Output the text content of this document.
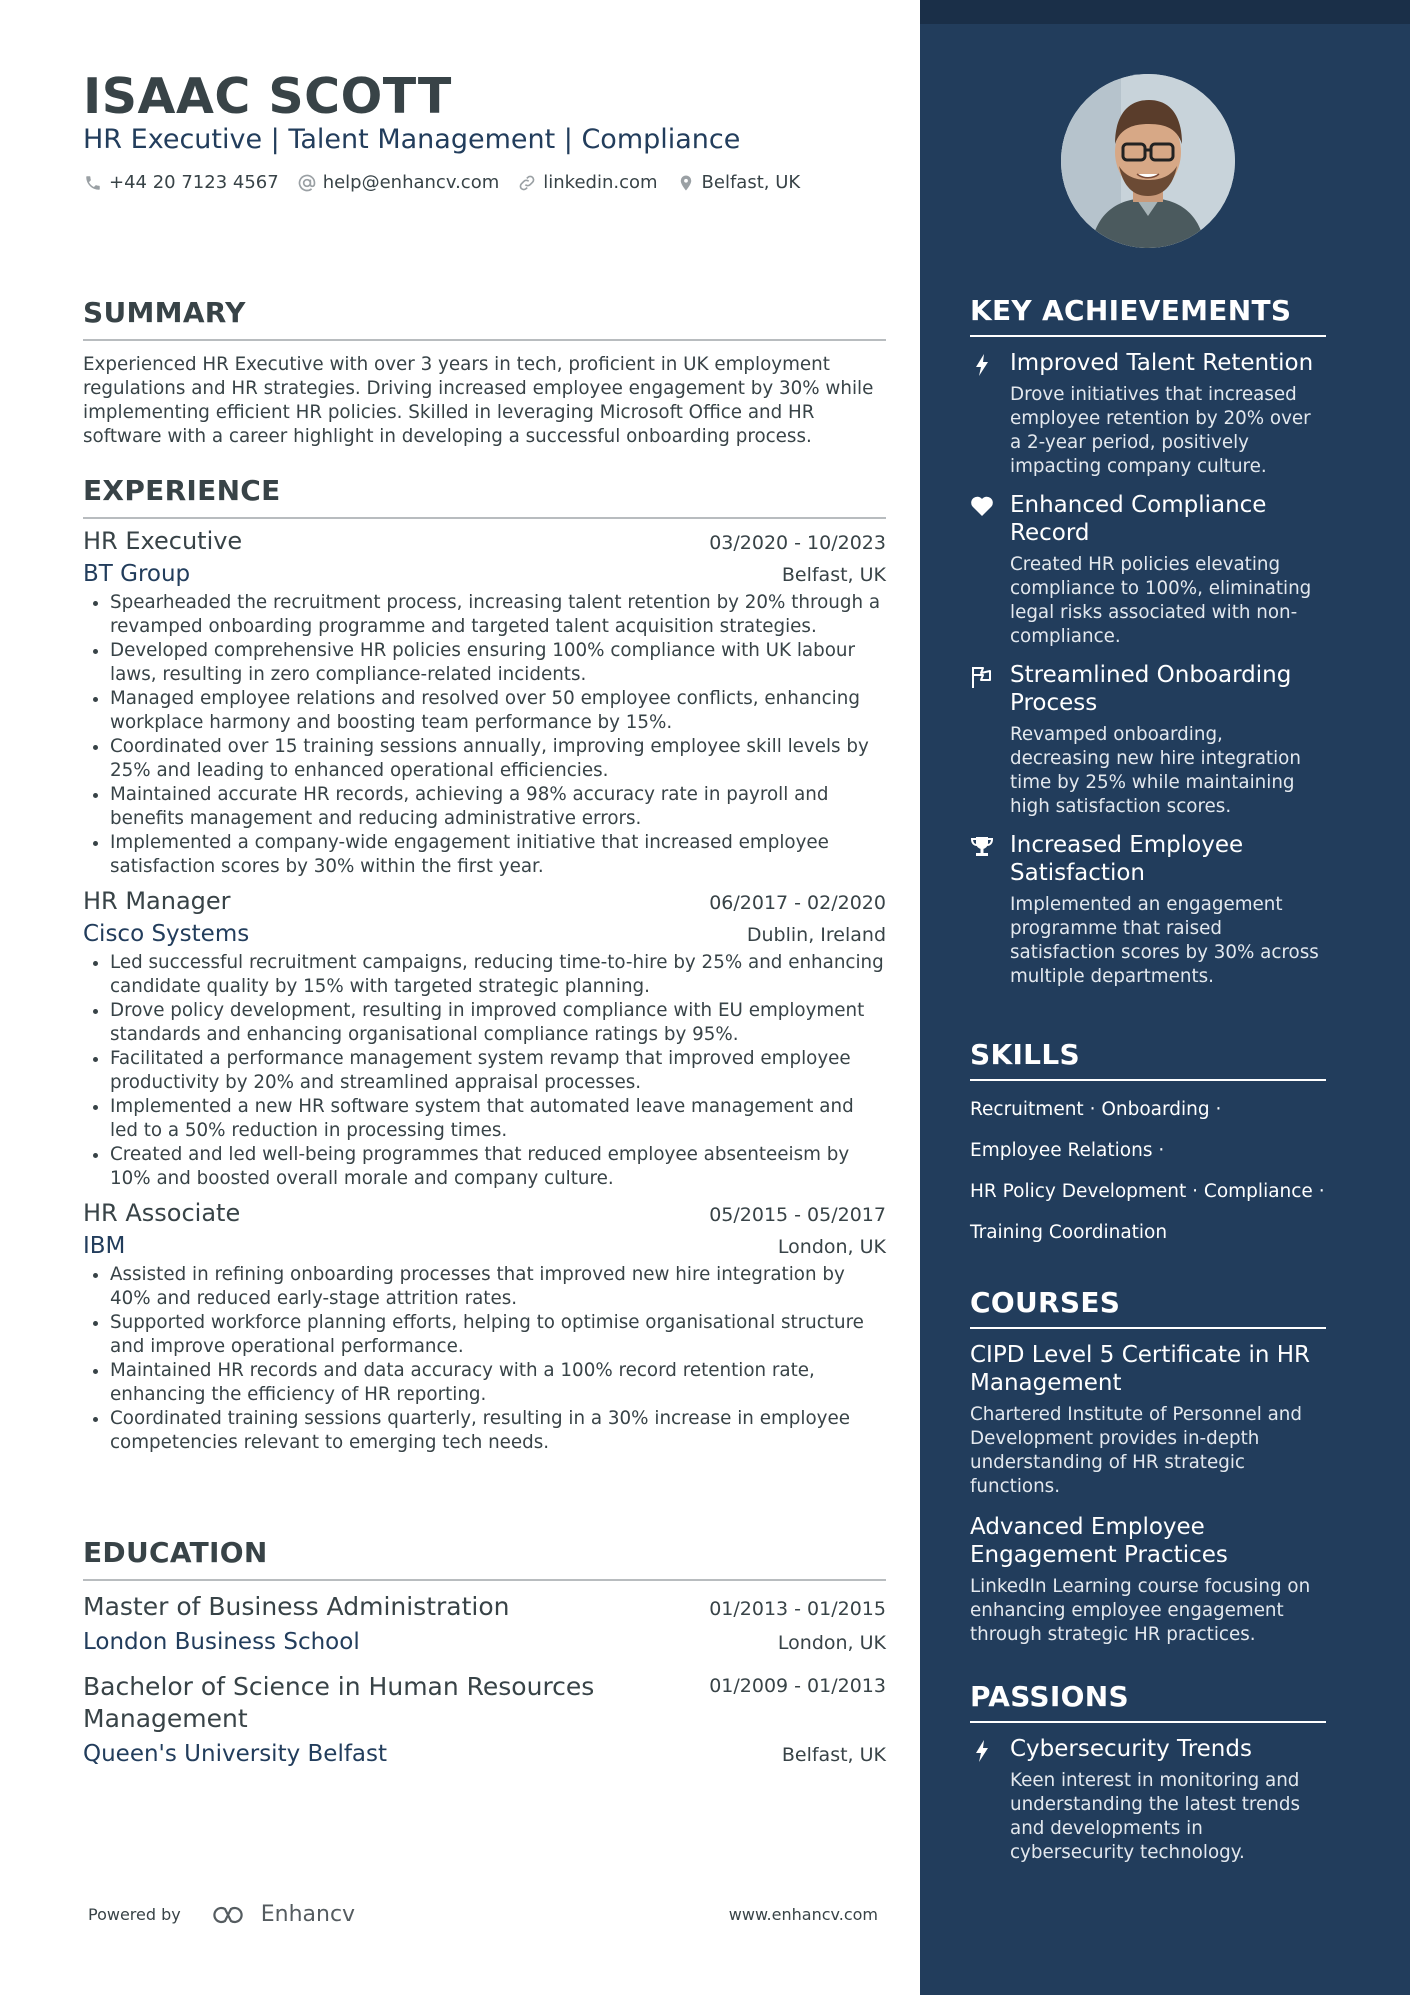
ISAAC SCOTT
HR Executive | Talent Management | Compliance
+44 20 7123 4567 help@enhancv.com linkedin.com Belfast, UK
SUMMARY

Experienced HR Executive with over 3 years in tech, proficient in UK employment regulations and HR strategies. Driving increased employee engagement by 30% while implementing efficient HR policies. Skilled in leveraging Microsoft Office and HR software with a career highlight in developing a successful onboarding process.

EXPERIENCE
HR Executive	03/2020 - 10/2023
BT Group	Belfast, UK
• Spearheaded the recruitment process, increasing talent retention by 20% through a revamped onboarding programme and targeted talent acquisition strategies.
• Developed comprehensive HR policies ensuring 100% compliance with UK labour laws, resulting in zero compliance-related incidents.
• Managed employee relations and resolved over 50 employee conflicts, enhancing workplace harmony and boosting team performance by 15%.
• Coordinated over 15 training sessions annually, improving employee skill levels by 25% and leading to enhanced operational efficiencies.
• Maintained accurate HR records, achieving a 98% accuracy rate in payroll and benefits management and reducing administrative errors.
• Implemented a company-wide engagement initiative that increased employee satisfaction scores by 30% within the first year.
HR Manager	06/2017 - 02/2020
Cisco Systems	Dublin, Ireland
• Led successful recruitment campaigns, reducing time-to-hire by 25% and enhancing candidate quality by 15% with targeted strategic planning.
• Drove policy development, resulting in improved compliance with EU employment standards and enhancing organisational compliance ratings by 95%.
• Facilitated a performance management system revamp that improved employee productivity by 20% and streamlined appraisal processes.
• Implemented a new HR software system that automated leave management and led to a 50% reduction in processing times.
• Created and led well-being programmes that reduced employee absenteeism by 10% and boosted overall morale and company culture.
HR Associate	05/2015 - 05/2017
IBM	London, UK
• Assisted in refining onboarding processes that improved new hire integration by 40% and reduced early-stage attrition rates.
• Supported workforce planning efforts, helping to optimise organisational structure and improve operational performance.
• Maintained HR records and data accuracy with a 100% record retention rate, enhancing the efficiency of HR reporting.
• Coordinated training sessions quarterly, resulting in a 30% increase in employee competencies relevant to emerging tech needs.
EDUCATION
Master of Business Administration	01/2013 - 01/2015
London Business School	London, UK
Bachelor of Science in Human Resources Management
01/2009 - 01/2013
Queen's University Belfast	Belfast, UK
Powered by	Enhancv	www.enhancv.com
KEY ACHIEVEMENTS
Improved Talent Retention
Drove initiatives that increased employee retention by 20% over a 2-year period, positively impacting company culture.
Enhanced Compliance Record
Created HR policies elevating compliance to 100%, eliminating legal risks associated with non-compliance.
Streamlined Onboarding Process
Revamped onboarding, decreasing new hire integration time by 25% while maintaining high satisfaction scores.
Increased Employee Satisfaction
Implemented an engagement programme that raised satisfaction scores by 30% across multiple departments.
SKILLS
Recruitment · Onboarding ·
Employee Relations ·
HR Policy Development · Compliance ·
Training Coordination
COURSES
CIPD Level 5 Certificate in HR Management
Chartered Institute of Personnel and Development provides in-depth understanding of HR strategic functions.
Advanced Employee Engagement Practices
LinkedIn Learning course focusing on enhancing employee engagement through strategic HR practices.
PASSIONS
Cybersecurity Trends
Keen interest in monitoring and understanding the latest trends and developments in cybersecurity technology.
